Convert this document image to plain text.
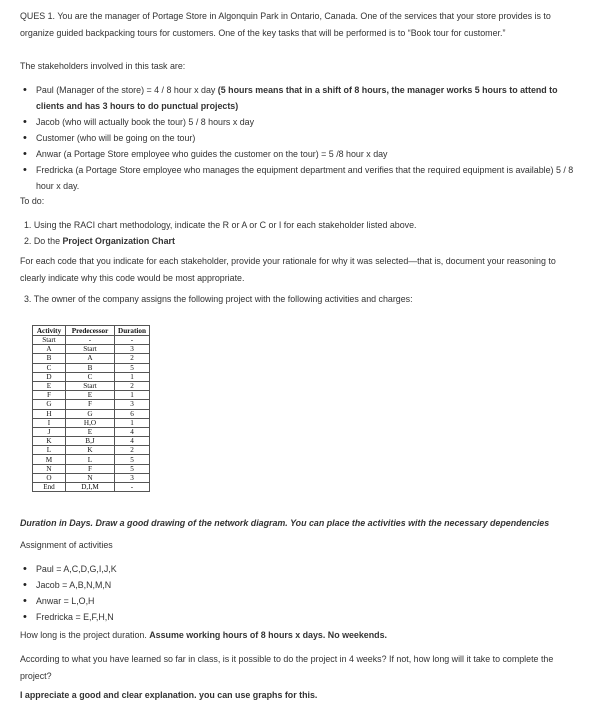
QUES 1. You are the manager of Portage Store in Algonquin Park in Ontario, Canada. One of the services that your store provides is to organize guided backpacking tours for customers. One of the key tasks that will be performed is to “Book tour for customer.”

The stakeholders involved in this task are:

• Paul (Manager of the store) = 4 / 8 hour x day (5 hours means that in a shift of 8 hours, the manager works 5 hours to attend to clients and has 3 hours to do punctual projects)
• Jacob (who will actually book the tour) 5 / 8 hours x day
• Customer (who will be going on the tour)
• Anwar (a Portage Store employee who guides the customer on the tour) = 5 /8 hour x day
• Fredricka (a Portage Store employee who manages the equipment department and verifies that the required equipment is available) 5 / 8 hour x day.

To do:

1. Using the RACI chart methodology, indicate the R or A or C or I for each stakeholder listed above.
2. Do the Project Organization Chart

For each code that you indicate for each stakeholder, provide your rationale for why it was selected—that is, document your reasoning to clearly indicate why this code would be most appropriate.

3. The owner of the company assigns the following project with the following activities and charges:
Activity	Predecessor	Duration
Start	-	-
A	Start	3
B	A	2
C	B	5
D	C	1
E	Start	2
F	E	1
G	F	3
H	G	6
I	H,O	1
J	E	4
K	B,J	4
L	K	2
M	L	5
N	F	5
O	N	3
End	D,I,M	-

Duration in Days. Draw a good drawing of the network diagram. You can place the activities with the necessary dependencies

Assignment of activities

• Paul = A,C,D,G,I,J,K
• Jacob = A,B,N,M,N
• Anwar = L,O,H
• Fredricka = E,F,H,N

How long is the project duration. Assume working hours of 8 hours x days. No weekends.

According to what you have learned so far in class, is it possible to do the project in 4 weeks? If not, how long will it take to complete the project?

I appreciate a good and clear explanation. you can use graphs for this.
